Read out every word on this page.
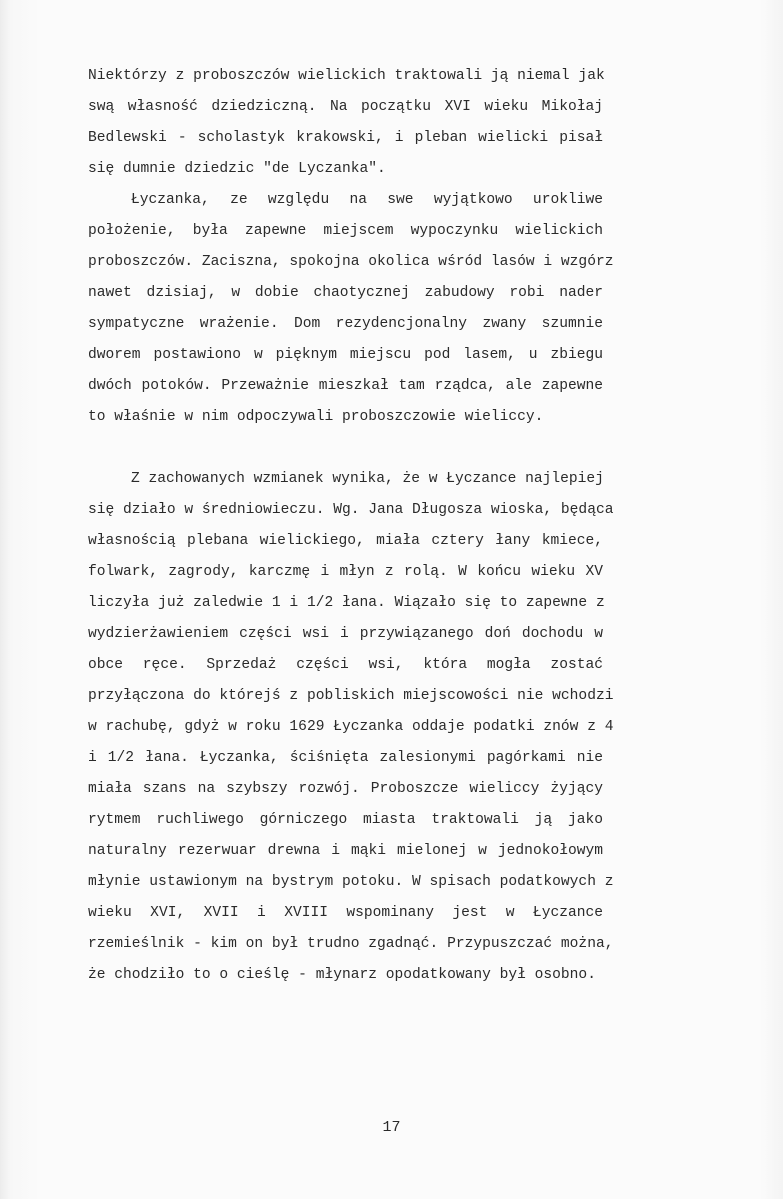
Niektórzy z proboszczów wielickich traktowali ją niemal jak
swą własność dziedziczną. Na początku XVI wieku Mikołaj
Bedlewski - scholastyk krakowski, i pleban wielicki pisał
się dumnie dziedzic "de Lyczanka".
Łyczanka, ze względu na swe wyjątkowo urokliwe
położenie, była zapewne miejscem wypoczynku wielickich
proboszczów. Zaciszna, spokojna okolica wśród lasów i wzgórz
nawet dzisiaj, w dobie chaotycznej zabudowy robi nader
sympatyczne wrażenie. Dom rezydencjonalny zwany szumnie
dworem postawiono w pięknym miejscu pod lasem, u zbiegu
dwóch potoków. Przeważnie mieszkał tam rządca, ale zapewne
to właśnie w nim odpoczywali proboszczowie wieliccy.
Z zachowanych wzmianek wynika, że w Łyczance najlepiej
się działo w średniowieczu. Wg. Jana Długosza wioska, będąca
własnością plebana wielickiego, miała cztery łany kmiece,
folwark, zagrody, karczmę i młyn z rolą. W końcu wieku XV
liczyła już zaledwie 1 i 1/2 łana. Wiązało się to zapewne z
wydzierżawieniem części wsi i przywiązanego doń dochodu w
obce ręce. Sprzedaż części wsi, która mogła zostać
przyłączona do którejś z pobliskich miejscowości nie wchodzi
w rachubę, gdyż w roku 1629 Łyczanka oddaje podatki znów z 4
i 1/2 łana. Łyczanka, ściśnięta zalesionymi pagórkami nie
miała szans na szybszy rozwój. Proboszcze wieliccy żyjący
rytmem ruchliwego górniczego miasta traktowali ją jako
naturalny rezerwuar drewna i mąki mielonej w jednokołowym
młynie ustawionym na bystrym potoku. W spisach podatkowych z
wieku XVI, XVII i XVIII wspominany jest w Łyczance
rzemieślnik - kim on był trudno zgadnąć. Przypuszczać można,
że chodziło to o cieślę - młynarz opodatkowany był osobno.
17
